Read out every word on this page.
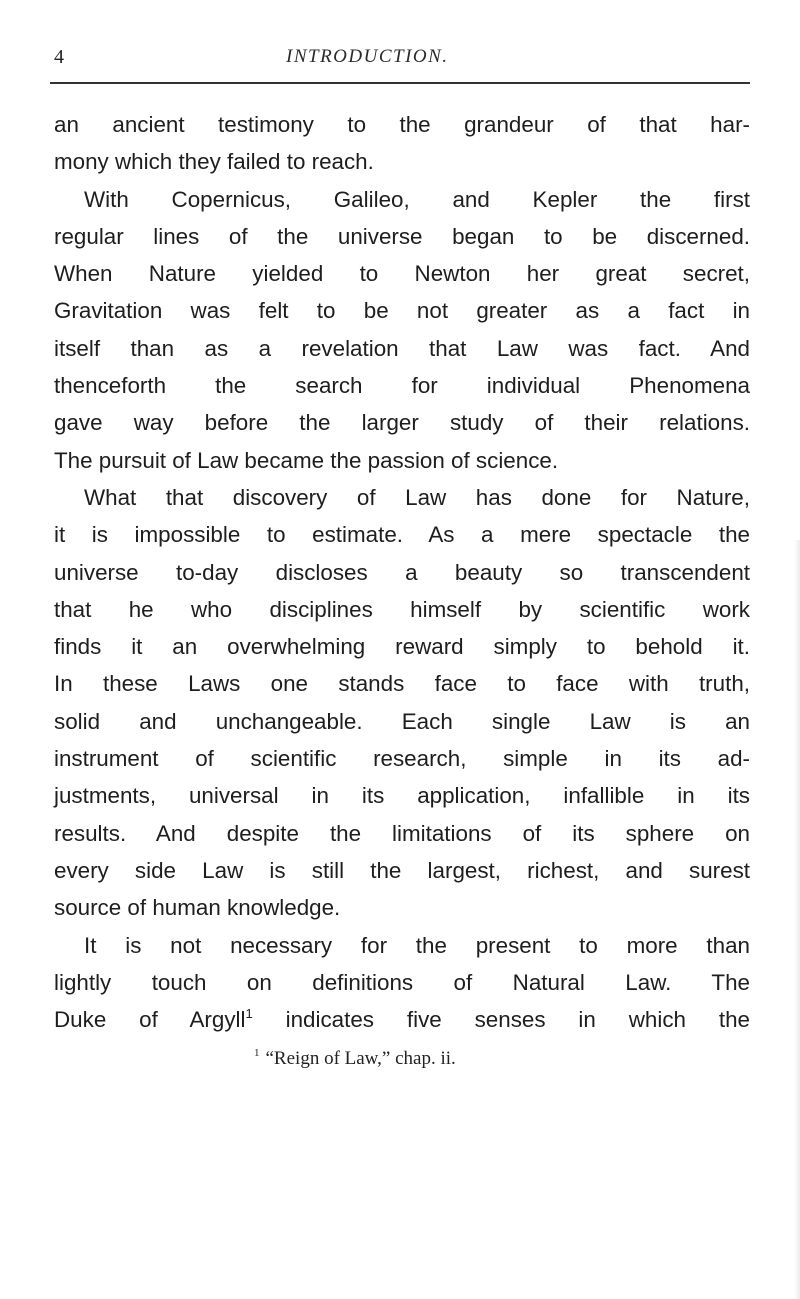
4	INTRODUCTION.
an ancient testimony to the grandeur of that har-
mony which they failed to reach.
With Copernicus, Galileo, and Kepler the first
regular lines of the universe began to be discerned.
When Nature yielded to Newton her great secret,
Gravitation was felt to be not greater as a fact in
itself than as a revelation that Law was fact. And
thenceforth the search for individual Phenomena
gave way before the larger study of their relations.
The pursuit of Law became the passion of science.
What that discovery of Law has done for Nature,
it is impossible to estimate. As a mere spectacle the
universe to-day discloses a beauty so transcendent
that he who disciplines himself by scientific work
finds it an overwhelming reward simply to behold it.
In these Laws one stands face to face with truth,
solid and unchangeable. Each single Law is an
instrument of scientific research, simple in its ad-
justments, universal in its application, infallible in its
results. And despite the limitations of its sphere on
every side Law is still the largest, richest, and surest
source of human knowledge.
It is not necessary for the present to more than
lightly touch on definitions of Natural Law. The
Duke of Argyll$^1$ indicates five senses in which the
$^1$ “Reign of Law,” chap. ii.
